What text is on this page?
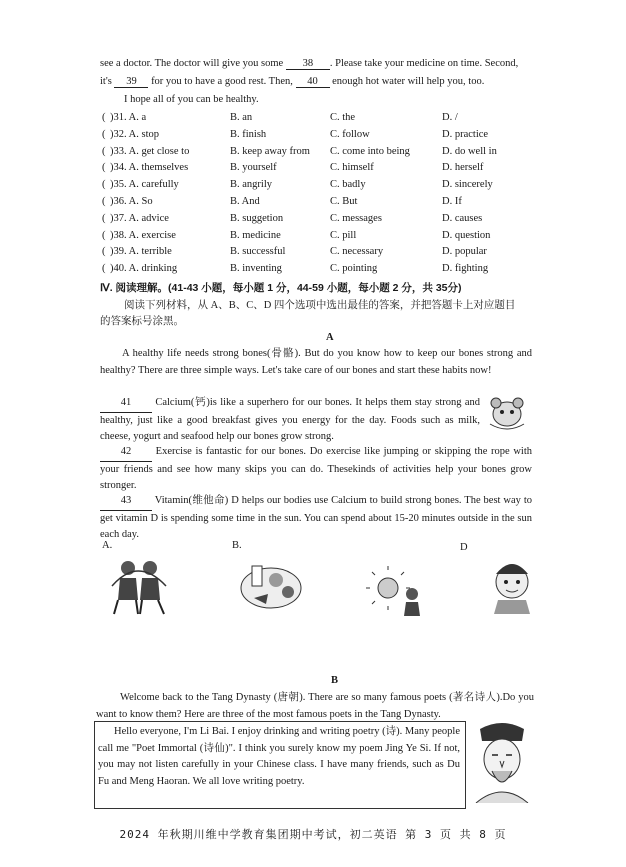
see a doctor. The doctor will give you some 38 . Please take your medicine on time. Second,
it's 39 for you to have a good rest. Then, 40 enough hot water will help you, too.
I hope all of you can be healthy.
( )31. A. a	B. an	C. the	D. /
( )32. A. stop	B. finish	C. follow	D. practice
( )33. A. get close to	B. keep away from C. come into being	D. do well in
( )34. A. themselves	B. yourself	C. himself	D. herself
( )35. A. carefully	B. angrily	C. badly	D. sincerely
( )36. A. So	B. And	C. But	D. If
( )37. A. advice	B. suggetion	C. messages	D. causes
( )38. A. exercise	B. medicine	C. pill	D. question
( )39. A. terrible	B. successful	C. necessary	D. popular
( )40. A. drinking	B. inventing	C. pointing	D. fighting
Ⅳ. 阅读理解。(41-43 小题，每小题 1 分，44-59 小题，每小题 2 分，共 35分)
阅读下列材料，从 A、B、C、D 四个选项中选出最佳的答案，并把答题卡上对应题目
的答案标号涂黑。
A
A healthy life needs strong bones(骨骼). But do you know how to keep our bones strong and healthy? There are three simple ways. Let's take care of our bones and start these habits now!
41 Calcium(钙)is like a superhero for our bones. It helps them stay strong and healthy, just like a good breakfast gives you energy for the day. Foods such as milk, cheese, yogurt and seafood help our bones grow strong.
42 Exercise is fantastic for our bones. Do exercise like jumping or skipping the rope with your friends and see how many skips you can do. Thesekinds of activities help your bones grow stronger.
43 Vitamin(维他命) D helps our bodies use Calcium to build strong bones. The best way to get vitamin D is spending some time in the sun. You can spend about 15-20 minutes outside in the sun each day.
A.	B.	D
B
Welcome back to the Tang Dynasty (唐朝). There are so many famous poets (著名诗人).Do you want to know them? Here are three of the most famous poets in the Tang Dynasty.
Hello everyone, I'm Li Bai. I enjoy drinking and writing poetry (诗). Many people call me "Poet Immortal (诗仙)". I think you surely know my poem Jing Ye Si. If not, you may not listen carefully in your Chinese class. I have many friends, such as Du Fu and Meng Haoran. We all love writing poetry.
2024 年秋期川维中学教育集团期中考试，初二英语 第 3 页 共 8 页
